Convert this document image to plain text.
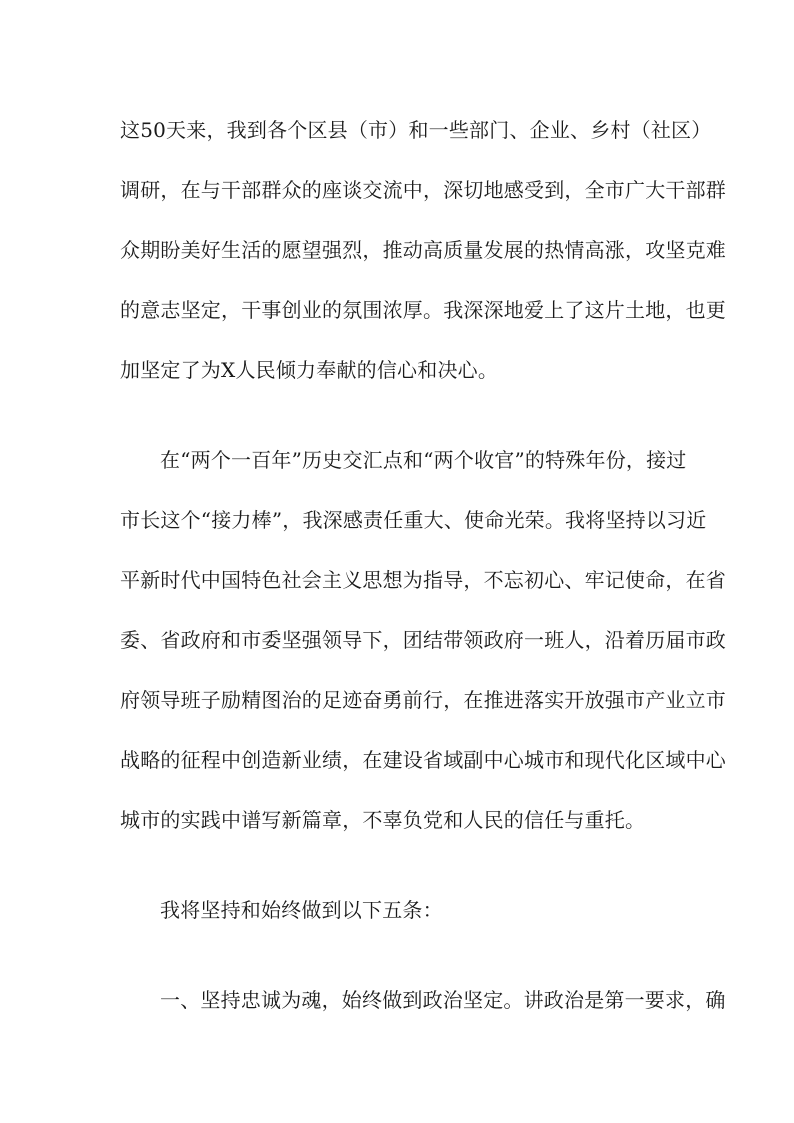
这50天来，我到各个区县（市）和一些部门、企业、乡村（社区）
调研，在与干部群众的座谈交流中，深切地感受到，全市广大干部群
众期盼美好生活的愿望强烈，推动高质量发展的热情高涨，攻坚克难
的意志坚定，干事创业的氛围浓厚。我深深地爱上了这片土地，也更
加坚定了为X人民倾力奉献的信心和决心。
在“两个一百年”历史交汇点和“两个收官”的特殊年份，接过
市长这个“接力棒”，我深感责任重大、使命光荣。我将坚持以习近
平新时代中国特色社会主义思想为指导，不忘初心、牢记使命，在省
委、省政府和市委坚强领导下，团结带领政府一班人，沿着历届市政
府领导班子励精图治的足迹奋勇前行，在推进落实开放强市产业立市
战略的征程中创造新业绩，在建设省域副中心城市和现代化区域中心
城市的实践中谱写新篇章，不辜负党和人民的信任与重托。
我将坚持和始终做到以下五条：
一、坚持忠诚为魂，始终做到政治坚定。讲政治是第一要求，确
